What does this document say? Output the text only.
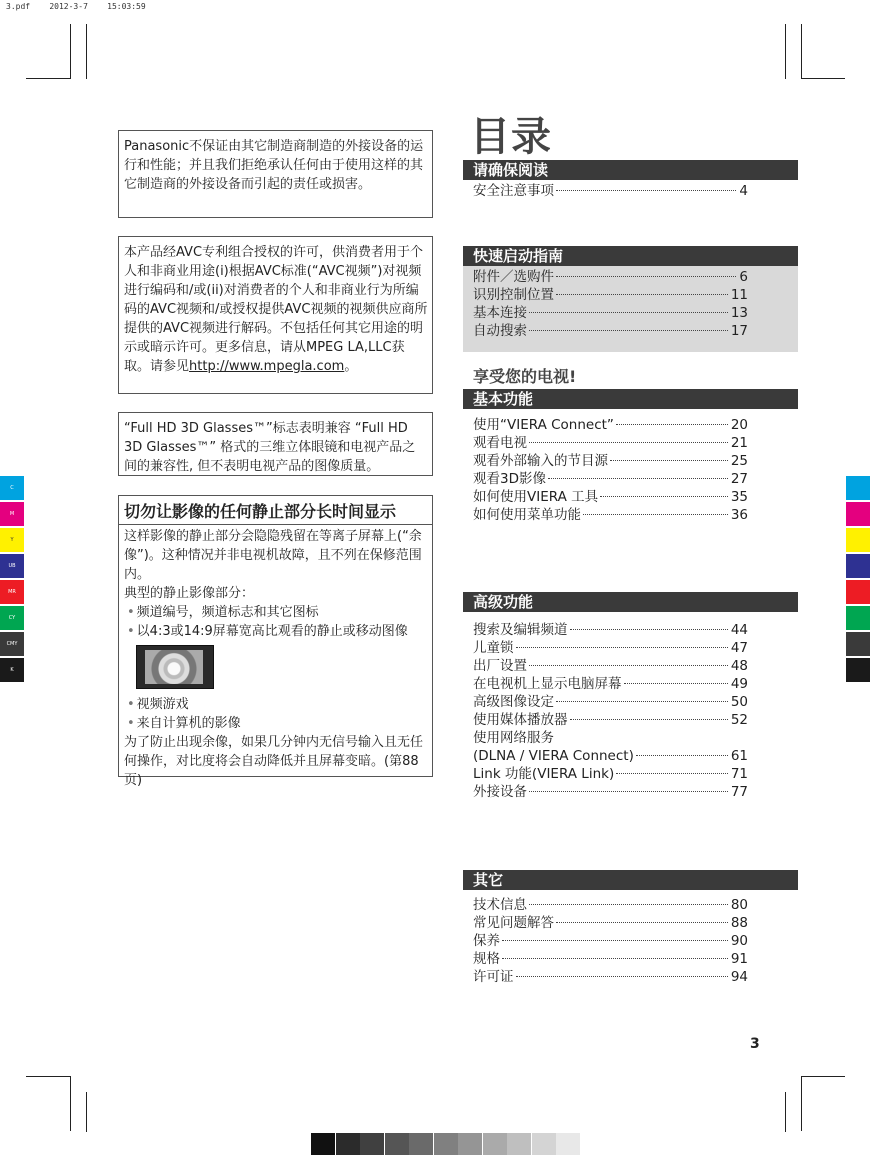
3.pdf    2012-3-7    15:03:59
C
M
Y
UB
MR
CY
CMY
K

Panasonic不保证由其它制造商制造的外接设备的运行和性能；并且我们拒绝承认任何由于使用这样的其它制造商的外接设备而引起的责任或损害。

本产品经AVC专利组合授权的许可，供消费者用于个人和非商业用途(i)根据AVC标准(“AVC视频”)对视频进行编码和/或(ii)对消费者的个人和非商业行为所编码的AVC视频和/或授权提供AVC视频的视频供应商所提供的AVC视频进行解码。不包括任何其它用途的明示或暗示许可。更多信息，请从MPEG LA,LLC获取。请参见http://www.mpegla.com。

“Full HD 3D Glasses™”标志表明兼容 “Full HD 3D Glasses™” 格式的三维立体眼镜和电视产品之间的兼容性, 但不表明电视产品的图像质量。

切勿让影像的任何静止部分长时间显示

这样影像的静止部分会隐隐残留在等离子屏幕上(“余像”)。这种情况并非电视机故障，且不列在保修范围内。

典型的静止影像部分：

• 频道编号，频道标志和其它图标

• 以4:3或14:9屏幕宽高比观看的静止或移动图像

• 视频游戏

• 来自计算机的影像

为了防止出现余像，如果几分钟内无信号输入且无任何操作，对比度将会自动降低并且屏幕变暗。(第88页)

目录
请确保阅读
安全注意事项	4
快速启动指南
附件／选购件	6
识别控制位置	11
基本连接	13
自动搜索	17
享受您的电视!
基本功能
使用“VIERA Connect”	20
观看电视	21
观看外部输入的节目源	25
观看3D影像	27
如何使用VIERA 工具	35
如何使用菜单功能	36
高级功能
搜索及编辑频道	44
儿童锁	47
出厂设置	48
在电视机上显示电脑屏幕	49
高级图像设定	50
使用媒体播放器	52
使用网络服务
(DLNA / VIERA Connect)	61
Link 功能(VIERA Link)	71
外接设备	77
其它
技术信息	80
常见问题解答	88
保养	90
规格	91
许可证	94
3
